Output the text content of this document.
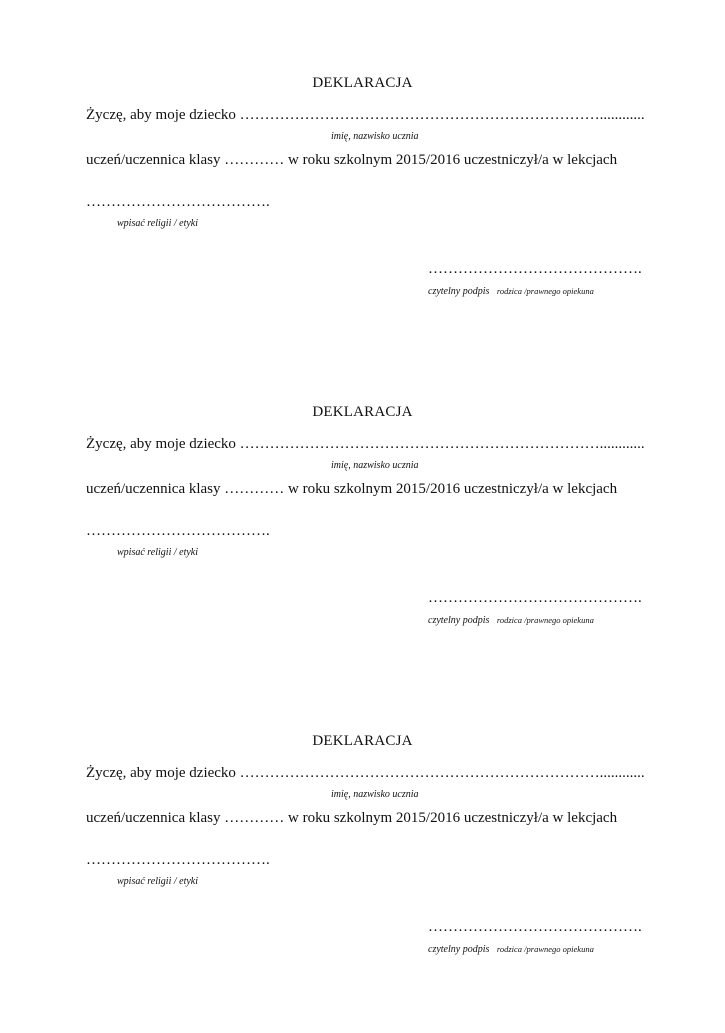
DEKLARACJA
Życzę, aby moje dziecko ………………………………………………………………............
imię, nazwisko ucznia
uczeń/uczennica klasy ………… w roku szkolnym 2015/2016 uczestniczył/a w lekcjach
……………………………….
wpisać religii / etyki
…………………………………….
czytelny podpis rodzica /prawnego opiekuna
DEKLARACJA
Życzę, aby moje dziecko ………………………………………………………………............
imię, nazwisko ucznia
uczeń/uczennica klasy ………… w roku szkolnym 2015/2016 uczestniczył/a w lekcjach
……………………………….
wpisać religii / etyki
…………………………………….
czytelny podpis rodzica /prawnego opiekuna
DEKLARACJA
Życzę, aby moje dziecko ………………………………………………………………............
imię, nazwisko ucznia
uczeń/uczennica klasy ………… w roku szkolnym 2015/2016 uczestniczył/a w lekcjach
……………………………….
wpisać religii / etyki
…………………………………….
czytelny podpis rodzica /prawnego opiekuna
